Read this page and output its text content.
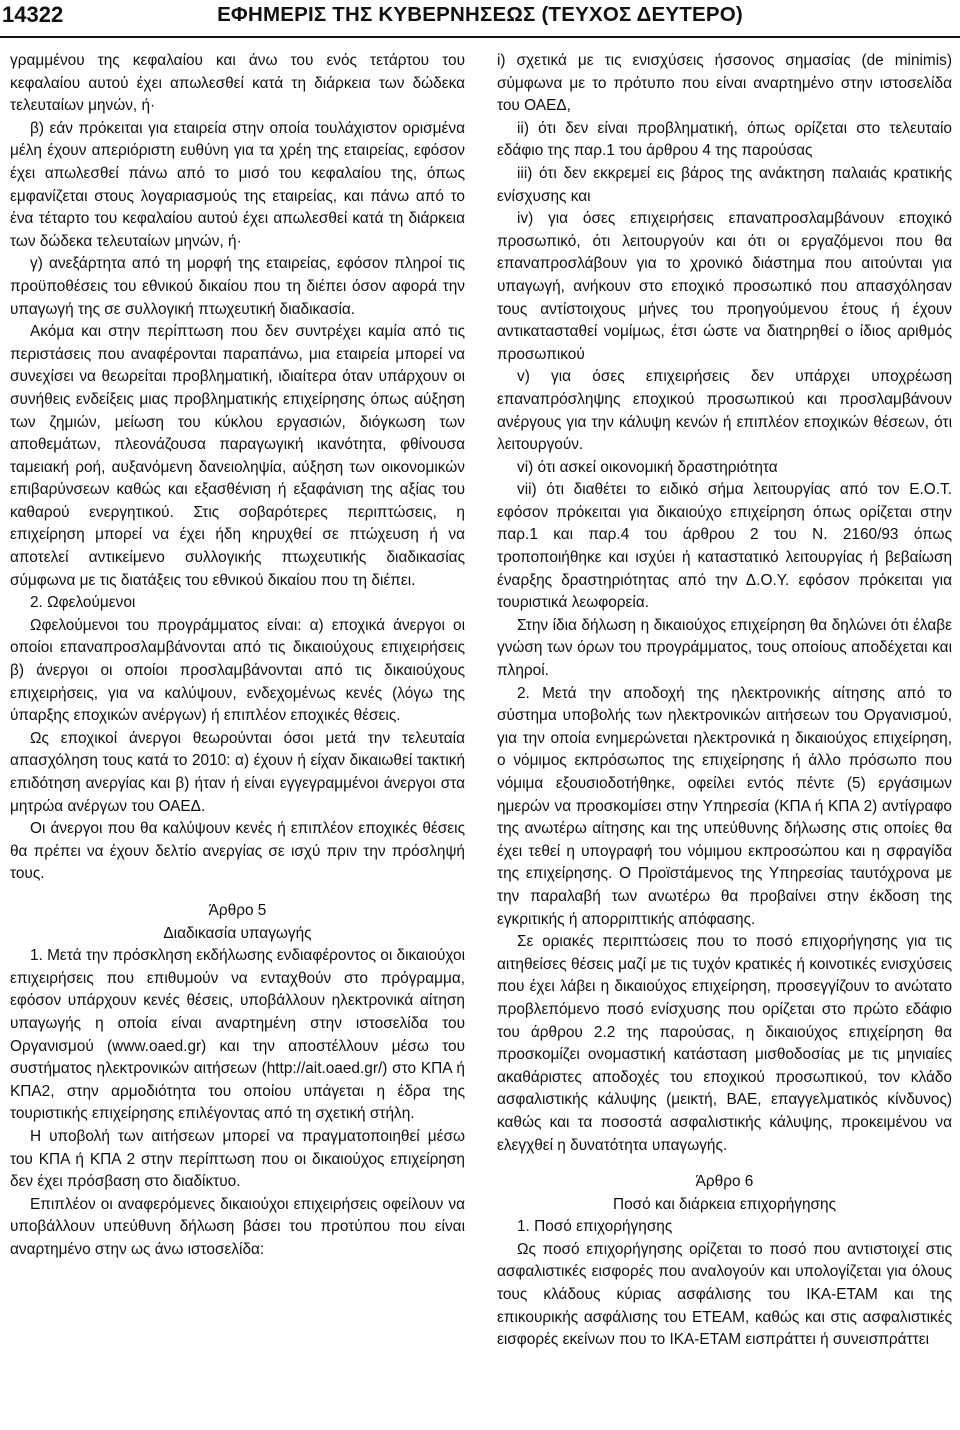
14322	ΕΦΗΜΕΡΙΣ ΤΗΣ ΚΥΒΕΡΝΗΣΕΩΣ (ΤΕΥΧΟΣ ΔΕΥΤΕΡΟ)

γραμμένου της κεφαλαίου και άνω του ενός τετάρτου του κεφαλαίου αυτού έχει απωλεσθεί κατά τη διάρκεια των δώδεκα τελευταίων μηνών, ή·

β) εάν πρόκειται για εταιρεία στην οποία τουλάχιστον ορισμένα μέλη έχουν απεριόριστη ευθύνη για τα χρέη της εταιρείας, εφόσον έχει απωλεσθεί πάνω από το μισό του κεφαλαίου της, όπως εμφανίζεται στους λογαριασμούς της εταιρείας, και πάνω από το ένα τέταρτο του κεφαλαίου αυτού έχει απωλεσθεί κατά τη διάρκεια των δώδεκα τελευταίων μηνών, ή·

γ) ανεξάρτητα από τη μορφή της εταιρείας, εφόσον πληροί τις προϋποθέσεις του εθνικού δικαίου που τη διέπει όσον αφορά την υπαγωγή της σε συλλογική πτωχευτική διαδικασία.

Ακόμα και στην περίπτωση που δεν συντρέχει καμία από τις περιστάσεις που αναφέρονται παραπάνω, μια εταιρεία μπορεί να συνεχίσει να θεωρείται προβληματική, ιδιαίτερα όταν υπάρχουν οι συνήθεις ενδείξεις μιας προβληματικής επιχείρησης όπως αύξηση των ζημιών, μείωση του κύκλου εργασιών, διόγκωση των αποθεμάτων, πλεονάζουσα παραγωγική ικανότητα, φθίνουσα ταμειακή ροή, αυξανόμενη δανειοληψία, αύξηση των οικονομικών επιβαρύνσεων καθώς και εξασθένιση ή εξαφάνιση της αξίας του καθαρού ενεργητικού. Στις σοβαρότερες περιπτώσεις, η επιχείρηση μπορεί να έχει ήδη κηρυχθεί σε πτώχευση ή να αποτελεί αντικείμενο συλλογικής πτωχευτικής διαδικασίας σύμφωνα με τις διατάξεις του εθνικού δικαίου που τη διέπει.

2. Ωφελούμενοι

Ωφελούμενοι του προγράμματος είναι: α) εποχικά άνεργοι οι οποίοι επαναπροσλαμβάνονται από τις δικαιούχους επιχειρήσεις β) άνεργοι οι οποίοι προσλαμβάνονται από τις δικαιούχους επιχειρήσεις, για να καλύψουν, ενδεχομένως κενές (λόγω της ύπαρξης εποχικών ανέργων) ή επιπλέον εποχικές θέσεις.

Ως εποχικοί άνεργοι θεωρούνται όσοι μετά την τελευταία απασχόληση τους κατά το 2010: α) έχουν ή είχαν δικαιωθεί τακτική επιδότηση ανεργίας και β) ήταν ή είναι εγγεγραμμένοι άνεργοι στα μητρώα ανέργων του ΟΑΕΔ.

Οι άνεργοι που θα καλύψουν κενές ή επιπλέον εποχικές θέσεις θα πρέπει να έχουν δελτίο ανεργίας σε ισχύ πριν την πρόσληψή τους.

Άρθρο 5

Διαδικασία υπαγωγής

1. Μετά την πρόσκληση εκδήλωσης ενδιαφέροντος οι δικαιούχοι επιχειρήσεις που επιθυμούν να ενταχθούν στο πρόγραμμα, εφόσον υπάρχουν κενές θέσεις, υποβάλλουν ηλεκτρονικά αίτηση υπαγωγής η οποία είναι αναρτημένη στην ιστοσελίδα του Οργανισμού (www.oaed.gr) και την αποστέλλουν μέσω του συστήματος ηλεκτρονικών αιτήσεων (http://ait.oaed.gr/) στο ΚΠΑ ή ΚΠΑ2, στην αρμοδιότητα του οποίου υπάγεται η έδρα της τουριστικής επιχείρησης επιλέγοντας από τη σχετική στήλη.

Η υποβολή των αιτήσεων μπορεί να πραγματοποιηθεί μέσω του ΚΠΑ ή ΚΠΑ 2 στην περίπτωση που οι δικαιούχος επιχείρηση δεν έχει πρόσβαση στο διαδίκτυο.

Επιπλέον οι αναφερόμενες δικαιούχοι επιχειρήσεις οφείλουν να υποβάλλουν υπεύθυνη δήλωση βάσει του προτύπου που είναι αναρτημένο στην ως άνω ιστοσελίδα:

i) σχετικά με τις ενισχύσεις ήσσονος σημασίας (de minimis) σύμφωνα με το πρότυπο που είναι αναρτημένο στην ιστοσελίδα του ΟΑΕΔ,

ii) ότι δεν είναι προβληματική, όπως ορίζεται στο τελευταίο εδάφιο της παρ.1 του άρθρου 4 της παρούσας

iii) ότι δεν εκκρεμεί εις βάρος της ανάκτηση παλαιάς κρατικής ενίσχυσης και

iv) για όσες επιχειρήσεις επαναπροσλαμβάνουν εποχικό προσωπικό, ότι λειτουργούν και ότι οι εργαζόμενοι που θα επαναπροσλάβουν για το χρονικό διάστημα που αιτούνται για υπαγωγή, ανήκουν στο εποχικό προσωπικό που απασχόλησαν τους αντίστοιχους μήνες του προηγούμενου έτους ή έχουν αντικατασταθεί νομίμως, έτσι ώστε να διατηρηθεί ο ίδιος αριθμός προσωπικού

v) για όσες επιχειρήσεις δεν υπάρχει υποχρέωση επαναπρόσληψης εποχικού προσωπικού και προσλαμβάνουν ανέργους για την κάλυψη κενών ή επιπλέον εποχικών θέσεων, ότι λειτουργούν.

vi) ότι ασκεί οικονομική δραστηριότητα

vii) ότι διαθέτει το ειδικό σήμα λειτουργίας από τον Ε.Ο.Τ. εφόσον πρόκειται για δικαιούχο επιχείρηση όπως ορίζεται στην παρ.1 και παρ.4 του άρθρου 2 του Ν. 2160/93 όπως τροποποιήθηκε και ισχύει ή καταστατικό λειτουργίας ή βεβαίωση έναρξης δραστηριότητας από την Δ.Ο.Υ. εφόσον πρόκειται για τουριστικά λεωφορεία.

Στην ίδια δήλωση η δικαιούχος επιχείρηση θα δηλώνει ότι έλαβε γνώση των όρων του προγράμματος, τους οποίους αποδέχεται και πληροί.

2. Μετά την αποδοχή της ηλεκτρονικής αίτησης από το σύστημα υποβολής των ηλεκτρονικών αιτήσεων του Οργανισμού, για την οποία ενημερώνεται ηλεκτρονικά η δικαιούχος επιχείρηση, ο νόμιμος εκπρόσωπος της επιχείρησης ή άλλο πρόσωπο που νόμιμα εξουσιοδοτήθηκε, οφείλει εντός πέντε (5) εργάσιμων ημερών να προσκομίσει στην Υπηρεσία (ΚΠΑ ή ΚΠΑ 2) αντίγραφο της ανωτέρω αίτησης και της υπεύθυνης δήλωσης στις οποίες θα έχει τεθεί η υπογραφή του νόμιμου εκπροσώπου και η σφραγίδα της επιχείρησης. Ο Προϊστάμενος της Υπηρεσίας ταυτόχρονα με την παραλαβή των ανωτέρω θα προβαίνει στην έκδοση της εγκριτικής ή απορριπτικής απόφασης.

Σε οριακές περιπτώσεις που το ποσό επιχορήγησης για τις αιτηθείσες θέσεις μαζί με τις τυχόν κρατικές ή κοινοτικές ενισχύσεις που έχει λάβει η δικαιούχος επιχείρηση, προσεγγίζουν το ανώτατο προβλεπόμενο ποσό ενίσχυσης που ορίζεται στο πρώτο εδάφιο του άρθρου 2.2 της παρούσας, η δικαιούχος επιχείρηση θα προσκομίζει ονομαστική κατάσταση μισθοδοσίας με τις μηνιαίες ακαθάριστες αποδοχές του εποχικού προσωπικού, τον κλάδο ασφαλιστικής κάλυψης (μεικτή, ΒΑΕ, επαγγελματικός κίνδυνος) καθώς και τα ποσοστά ασφαλιστικής κάλυψης, προκειμένου να ελεγχθεί η δυνατότητα υπαγωγής.

Άρθρο 6

Ποσό και διάρκεια επιχορήγησης

1. Ποσό επιχορήγησης

Ως ποσό επιχορήγησης ορίζεται το ποσό που αντιστοιχεί στις ασφαλιστικές εισφορές που αναλογούν και υπολογίζεται για όλους τους κλάδους κύριας ασφάλισης του ΙΚΑ-ΕΤΑΜ και της επικουρικής ασφάλισης του ΕΤΕΑΜ, καθώς και στις ασφαλιστικές εισφορές εκείνων που το ΙΚΑ-ΕΤΑΜ εισπράττει ή συνεισπράττει
